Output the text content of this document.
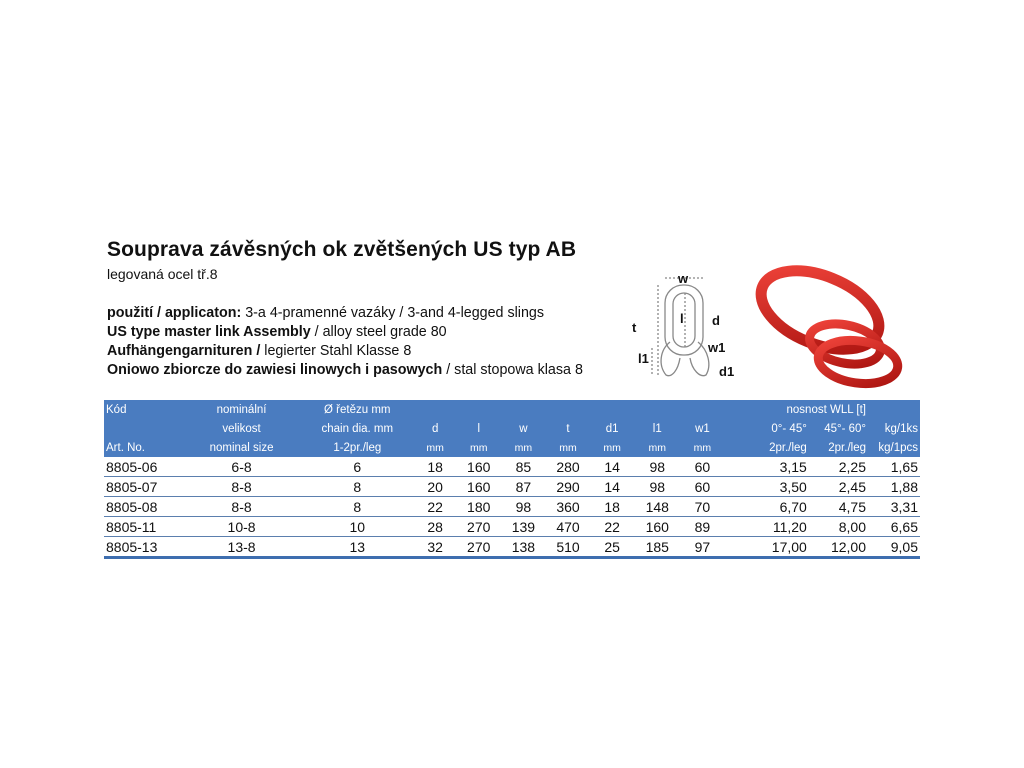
Souprava závěsných ok zvětšených US typ AB
legovaná ocel tř.8
použití / applicaton: 3-a 4-pramenné vazáky / 3-and 4-legged slings
US type master link Assembly / alloy steel grade 80
Aufhängengarnituren / legierter Stahl Klasse 8
Oniowo zbiorcze do zawiesi linowych i pasowych / stal stopowa klasa 8
w
t
l d
w1
l1
d1
Kód	nominální	Ø řetězu mm								nosnost WLL [t]		
	velikost	chain dia. mm	d	l	w	t	d1	l1	w1	0°- 45°	45°- 60°	kg/1ks
Art. No.	nominal size	1-2pr./leg	mm	mm	mm	mm	mm	mm	mm	2pr./leg	2pr./leg	kg/1pcs
8805-06	6-8	6	18	160	85	280	14	98	60	3,15	2,25	1,65
8805-07	8-8	8	20	160	87	290	14	98	60	3,50	2,45	1,88
8805-08	8-8	8	22	180	98	360	18	148	70	6,70	4,75	3,31
8805-11	10-8	10	28	270	139	470	22	160	89	11,20	8,00	6,65
8805-13	13-8	13	32	270	138	510	25	185	97	17,00	12,00	9,05
